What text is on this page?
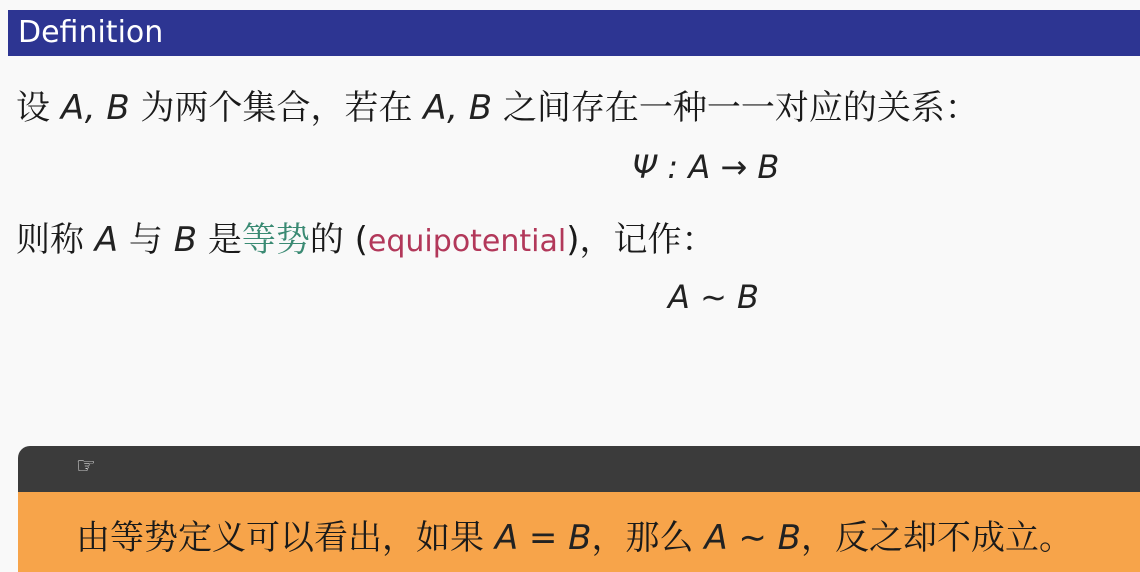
Definition
设 A, B 为两个集合，若在 A, B 之间存在一种一一对应的关系：
Ψ : A → B
则称 A 与 B 是等势的 (equipotential)，记作：
A ∼ B
☞
由等势定义可以看出，如果 A = B，那么 A ∼ B，反之却不成立。
